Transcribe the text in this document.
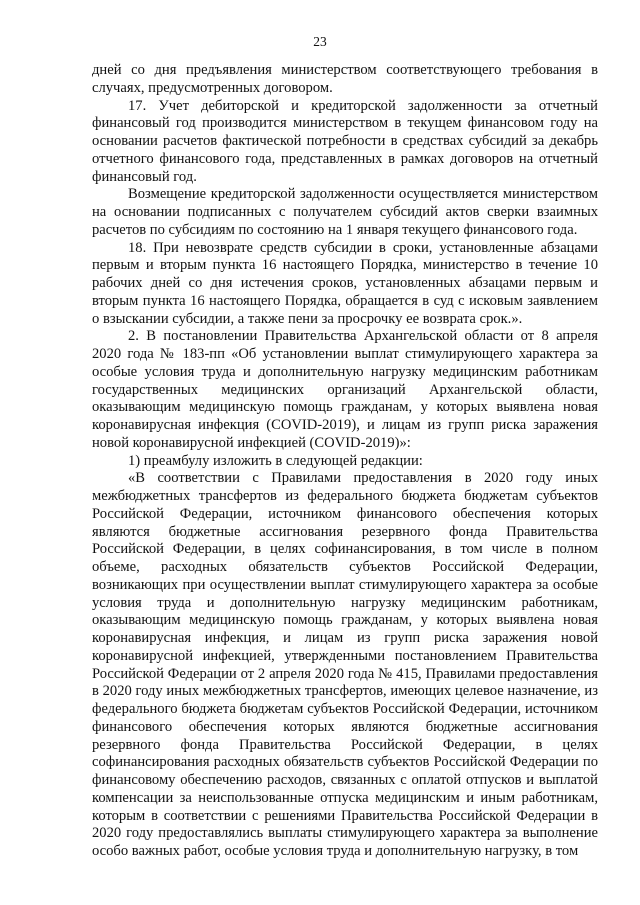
23

дней со дня предъявления министерством соответствующего требования в случаях, предусмотренных договором.

17. Учет дебиторской и кредиторской задолженности за отчетный финансовый год производится министерством в текущем финансовом году на основании расчетов фактической потребности в средствах субсидий за декабрь отчетного финансового года, представленных в рамках договоров на отчетный финансовый год.

Возмещение кредиторской задолженности осуществляется министерством на основании подписанных с получателем субсидий актов сверки взаимных расчетов по субсидиям по состоянию на 1 января текущего финансового года.

18. При невозврате средств субсидии в сроки, установленные абзацами первым и вторым пункта 16 настоящего Порядка, министерство в течение 10 рабочих дней со дня истечения сроков, установленных абзацами первым и вторым пункта 16 настоящего Порядка, обращается в суд с исковым заявлением о взыскании субсидии, а также пени за просрочку ее возврата срок.».

2. В постановлении Правительства Архангельской области от 8 апреля 2020 года № 183-пп «Об установлении выплат стимулирующего характера за особые условия труда и дополнительную нагрузку медицинским работникам государственных медицинских организаций Архангельской области, оказывающим медицинскую помощь гражданам, у которых выявлена новая коронавирусная инфекция (COVID-2019), и лицам из групп риска заражения новой коронавирусной инфекцией (COVID-2019)»:

1) преамбулу изложить в следующей редакции:

«В соответствии с Правилами предоставления в 2020 году иных межбюджетных трансфертов из федерального бюджета бюджетам субъектов Российской Федерации, источником финансового обеспечения которых являются бюджетные ассигнования резервного фонда Правительства Российской Федерации, в целях софинансирования, в том числе в полном объеме, расходных обязательств субъектов Российской Федерации, возникающих при осуществлении выплат стимулирующего характера за особые условия труда и дополнительную нагрузку медицинским работникам, оказывающим медицинскую помощь гражданам, у которых выявлена новая коронавирусная инфекция, и лицам из групп риска заражения новой коронавирусной инфекцией, утвержденными постановлением Правительства Российской Федерации от 2 апреля 2020 года № 415, Правилами предоставления в 2020 году иных межбюджетных трансфертов, имеющих целевое назначение, из федерального бюджета бюджетам субъектов Российской Федерации, источником финансового обеспечения которых являются бюджетные ассигнования резервного фонда Правительства Российской Федерации, в целях софинансирования расходных обязательств субъектов Российской Федерации по финансовому обеспечению расходов, связанных с оплатой отпусков и выплатой компенсации за неиспользованные отпуска медицинским и иным работникам, которым в соответствии с решениями Правительства Российской Федерации в 2020 году предоставлялись выплаты стимулирующего характера за выполнение особо важных работ, особые условия труда и дополнительную нагрузку, в том
